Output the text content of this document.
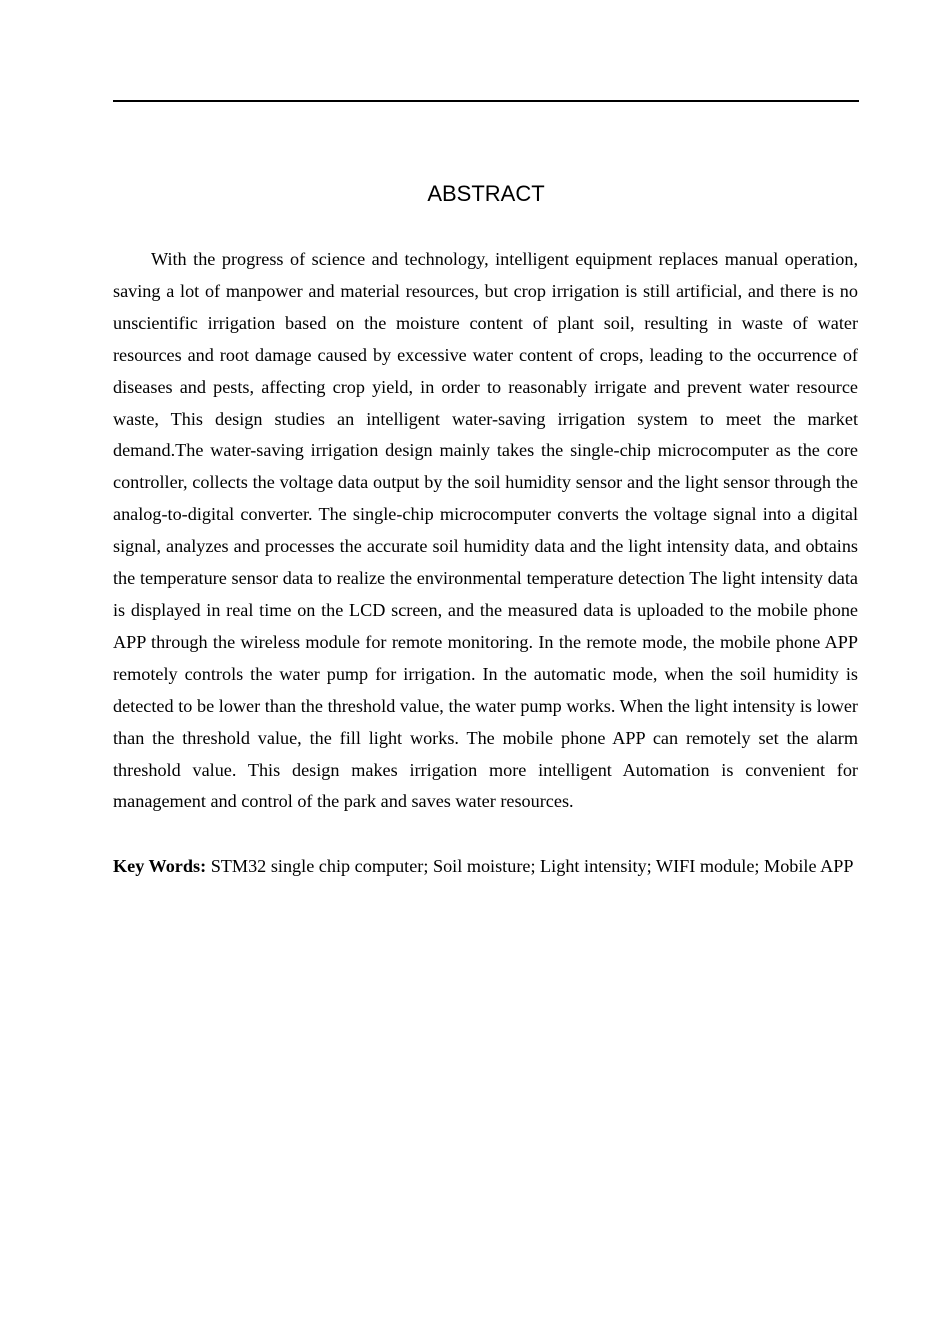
ABSTRACT

With the progress of science and technology, intelligent equipment replaces manual operation, saving a lot of manpower and material resources, but crop irrigation is still artificial, and there is no unscientific irrigation based on the moisture content of plant soil, resulting in waste of water resources and root damage caused by excessive water content of crops, leading to the occurrence of diseases and pests, affecting crop yield, in order to reasonably irrigate and prevent water resource waste, This design studies an intelligent water-saving irrigation system to meet the market demand.The water-saving irrigation design mainly takes the single-chip microcomputer as the core controller, collects the voltage data output by the soil humidity sensor and the light sensor through the analog-to-digital converter. The single-chip microcomputer converts the voltage signal into a digital signal, analyzes and processes the accurate soil humidity data and the light intensity data, and obtains the temperature sensor data to realize the environmental temperature detection The light intensity data is displayed in real time on the LCD screen, and the measured data is uploaded to the mobile phone APP through the wireless module for remote monitoring. In the remote mode, the mobile phone APP remotely controls the water pump for irrigation. In the automatic mode, when the soil humidity is detected to be lower than the threshold value, the water pump works. When the light intensity is lower than the threshold value, the fill light works. The mobile phone APP can remotely set the alarm threshold value. This design makes irrigation more intelligent Automation is convenient for management and control of the park and saves water resources.

Key Words: STM32 single chip computer; Soil moisture; Light intensity; WIFI module; Mobile APP
